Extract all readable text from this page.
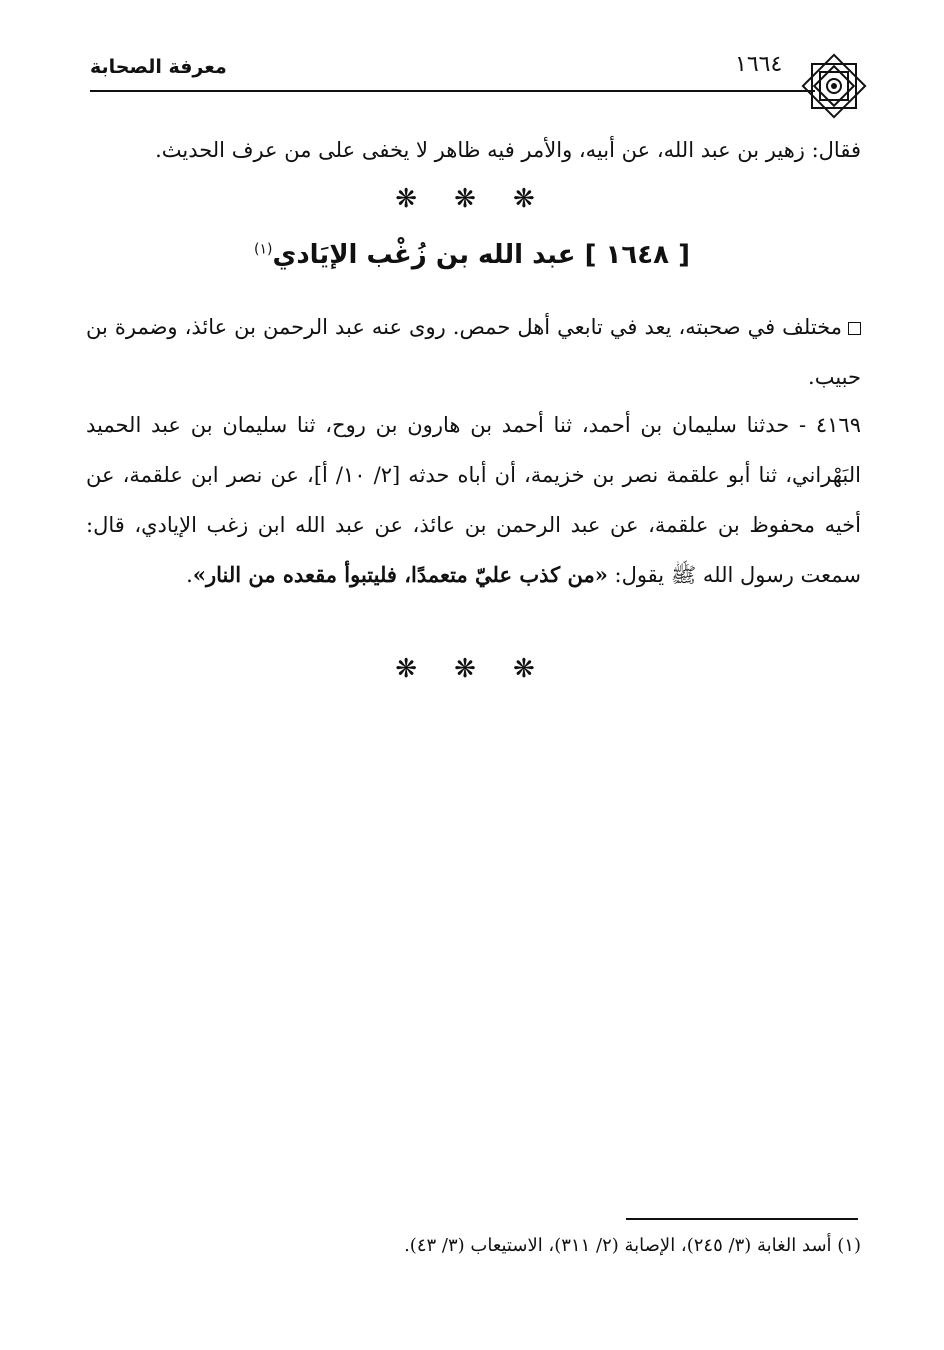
معرفة الصحابة	١٦٦٤
فقال: زهير بن عبد الله، عن أبيه، والأمر فيه ظاهر لا يخفى على من عرف الحديث.
❋ ❋ ❋
[ ١٦٤٨ ] عبد الله بن زُغْب الإيَادي$^{(١)}$
مختلف في صحبته، يعد في تابعي أهل حمص. روى عنه عبد الرحمن بن عائذ، وضمرة بن حبيب.
٤١٦٩ - حدثنا سليمان بن أحمد، ثنا أحمد بن هارون بن روح، ثنا سليمان بن عبد الحميد البَهْراني، ثنا أبو علقمة نصر بن خزيمة، أن أباه حدثه [٢/ ١٠/ أ]، عن نصر ابن علقمة، عن أخيه محفوظ بن علقمة، عن عبد الرحمن بن عائذ، عن عبد الله ابن زغب الإيادي، قال: سمعت رسول الله ﷺ يقول: «من كذب عليّ متعمدًا، فليتبوأ مقعده من النار».
❋ ❋ ❋
(١) أسد الغابة (٣/ ٢٤٥)، الإصابة (٢/ ٣١١)، الاستيعاب (٣/ ٤٣).
